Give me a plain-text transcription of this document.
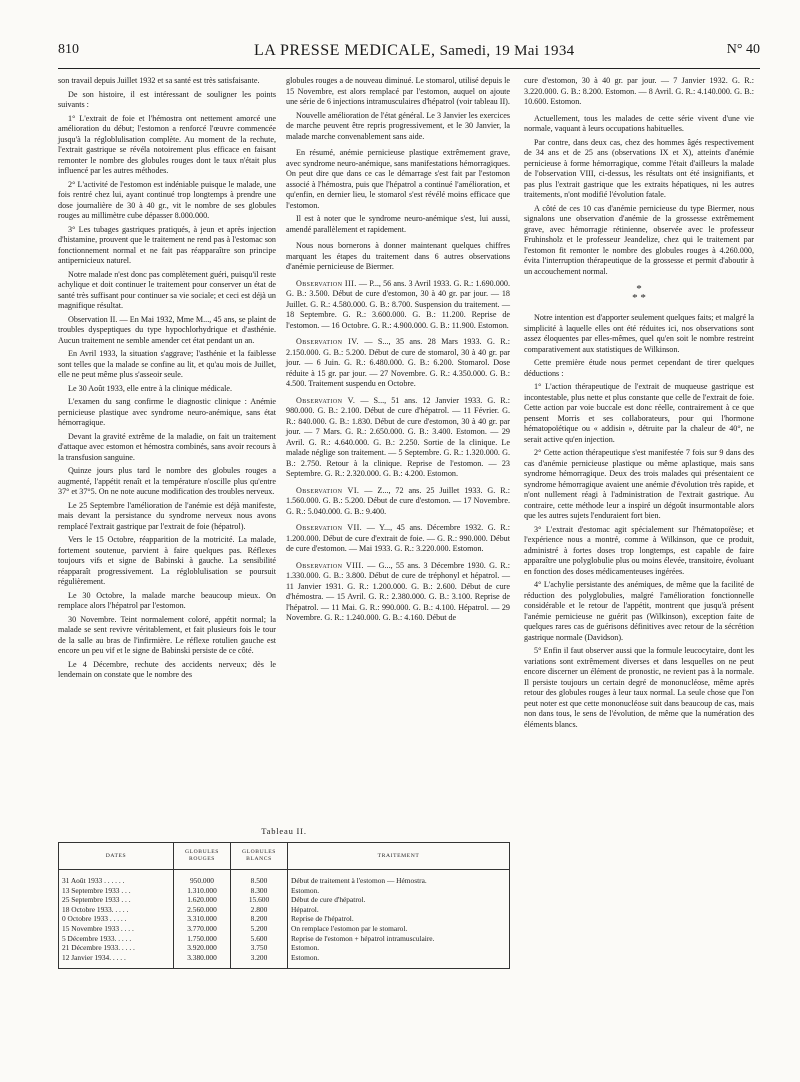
810	LA PRESSE MEDICALE, Samedi, 19 Mai 1934	N° 40

son travail depuis Juillet 1932 et sa santé est très satisfaisante.

De son histoire, il est intéressant de souligner les points suivants :

1° L'extrait de foie et l'hémostra ont nettement amorcé une amélioration du début; l'estomon a renforcé l'œuvre commencée jusqu'à la régloblulisation complète. Au moment de la rechute, l'extrait gastrique se révéla notoirement plus efficace en faisant remonter le nombre des globules rouges dont le taux n'était plus influencé par les autres méthodes.

2° L'activité de l'estomon est indéniable puisque le malade, une fois rentré chez lui, ayant continué trop longtemps à prendre une dose journalière de 30 à 40 gr., vit le nombre de ses globules rouges au millimètre cube dépasser 8.000.000.

3° Les tubages gastriques pratiqués, à jeun et après injection d'histamine, prouvent que le traitement ne rend pas à l'estomac son fonctionnement normal et ne fait pas réapparaître son principe antipernicieux naturel.

Notre malade n'est donc pas complètement guéri, puisqu'il reste achylique et doit continuer le traitement pour conserver un état de santé très suffisant pour continuer sa vie sociale; et ceci est déjà un magnifique résultat.

Observation II. — En Mai 1932, Mme M..., 45 ans, se plaint de troubles dyspeptiques du type hypochlorhydrique et d'asthénie. Aucun traitement ne semble amender cet état pendant un an.

En Avril 1933, la situation s'aggrave; l'asthénie et la faiblesse sont telles que la malade se confine au lit, et qu'au mois de Juillet, elle ne peut même plus s'asseoir seule.

Le 30 Août 1933, elle entre à la clinique médicale.

L'examen du sang confirme le diagnostic clinique : Anémie pernicieuse plastique avec syndrome neuro-anémique, sans état hémorragique.

Devant la gravité extrême de la maladie, on fait un traitement d'attaque avec estomon et hémostra combinés, sans avoir recours à la transfusion sanguine.

Quinze jours plus tard le nombre des globules rouges a augmenté, l'appétit renaît et la température n'oscille plus qu'entre 37° et 37°5. On ne note aucune modification des troubles nerveux.

Le 25 Septembre l'amélioration de l'anémie est déjà manifeste, mais devant la persistance du syndrome nerveux nous avons remplacé l'extrait gastrique par l'extrait de foie (hépatrol).

Vers le 15 Octobre, réapparition de la motricité. La malade, fortement soutenue, parvient à faire quelques pas. Réflexes toujours vifs et signe de Babinski à gauche. La sensibilité réapparaît progressivement. La régloblulisation se poursuit régulièrement.

Le 30 Octobre, la malade marche beaucoup mieux. On remplace alors l'hépatrol par l'estomon.

30 Novembre. Teint normalement coloré, appétit normal; la malade se sent revivre véritablement, et fait plusieurs fois le tour de la salle au bras de l'infirmière. Le réflexe rotulien gauche est encore un peu vif et le signe de Babinski persiste de ce côté.

Le 4 Décembre, rechute des accidents nerveux; dès le lendemain on constate que le nombre des

globules rouges a de nouveau diminué. Le stomarol, utilisé depuis le 15 Novembre, est alors remplacé par l'estomon, auquel on ajoute une série de 6 injections intramusculaires d'hépatrol (voir tableau II).

Nouvelle amélioration de l'état général. Le 3 Janvier les exercices de marche peuvent être repris progressivement, et le 30 Janvier, la malade marche convenablement sans aide.

En résumé, anémie pernicieuse plastique extrêmement grave, avec syndrome neuro-anémique, sans manifestations hémorragiques. On peut dire que dans ce cas le démarrage s'est fait par l'estomon associé à l'hémostra, puis que l'hépatrol a continué l'amélioration, et qu'enfin, en dernier lieu, le stomarol s'est révélé moins efficace que l'estomon.

Il est à noter que le syndrome neuro-anémique s'est, lui aussi, amendé parallèlement et rapidement.

Nous nous bornerons à donner maintenant quelques chiffres marquant les étapes du traitement dans 6 autres observations d'anémie pernicieuse de Biermer.

Observation III. — P..., 56 ans. 3 Avril 1933. G. R.: 1.690.000. G. B.: 3.500. Début de cure d'estomon, 30 à 40 gr. par jour. — 18 Juillet. G. R.: 4.580.000. G. B.: 8.700. Suspension du traitement. — 18 Septembre. G. R.: 3.600.000. G. B.: 11.200. Reprise de l'estomon. — 16 Octobre. G. R.: 4.900.000. G. B.: 11.900. Estomon.

Observation IV. — S..., 35 ans. 28 Mars 1933. G. R.: 2.150.000. G. B.: 5.200. Début de cure de stomarol, 30 à 40 gr. par jour. — 6 Juin. G. R.: 6.480.000. G. B.: 6.200. Stomarol. Dose réduite à 15 gr. par jour. — 27 Novembre. G. R.: 4.350.000. G. B.: 4.500. Traitement suspendu en Octobre.

Observation V. — S..., 51 ans. 12 Janvier 1933. G. R.: 980.000. G. B.: 2.100. Début de cure d'hépatrol. — 11 Février. G. R.: 840.000. G. B.: 1.830. Début de cure d'estomon, 30 à 40 gr. par jour. — 7 Mars. G. R.: 2.650.000. G. B.: 3.400. Estomon. — 29 Avril. G. R.: 4.640.000. G. B.: 2.250. Sortie de la clinique. Le malade néglige son traitement. — 5 Septembre. G. R.: 1.320.000. G. B.: 2.750. Retour à la clinique. Reprise de l'estomon. — 23 Septembre. G. R.: 2.320.000. G. B.: 4.200. Estomon.

Observation VI. — Z..., 72 ans. 25 Juillet 1933. G. R.: 1.560.000. G. B.: 5.200. Début de cure d'estomon. — 17 Novembre. G. R.: 5.040.000. G. B.: 9.400.

Observation VII. — Y..., 45 ans. Décembre 1932. G. R.: 1.200.000. Début de cure d'extrait de foie. — G. R.: 990.000. Début de cure d'estomon. — Mai 1933. G. R.: 3.220.000. Estomon.

Observation VIII. — G..., 55 ans. 3 Décembre 1930. G. R.: 1.330.000. G. B.: 3.800. Début de cure de tréphonyl et hépatrol. — 11 Janvier 1931. G. R.: 1.200.000. G. B.: 2.600. Début de cure d'hémostra. — 15 Avril. G. R.: 2.380.000. G. B.: 3.100. Reprise de l'hépatrol. — 11 Mai. G. R.: 990.000. G. B.: 4.100. Hépatrol. — 29 Novembre. G. R.: 1.240.000. G. B.: 4.160. Début de

cure d'estomon, 30 à 40 gr. par jour. — 7 Janvier 1932. G. R.: 3.220.000. G. B.: 8.200. Estomon. — 8 Avril. G. R.: 4.140.000. G. B.: 10.600. Estomon.

Actuellement, tous les malades de cette série vivent d'une vie normale, vaquant à leurs occupations habituelles.

Par contre, dans deux cas, chez des hommes âgés respectivement de 34 ans et de 25 ans (observations IX et X), atteints d'anémie pernicieuse à forme hémorragique, comme l'était d'ailleurs la malade de l'observation VIII, ci-dessus, les résultats ont été insignifiants, et pas plus l'extrait gastrique que les extraits hépatiques, ni les autres traitements, n'ont modifié l'évolution fatale.

A côté de ces 10 cas d'anémie pernicieuse du type Biermer, nous signalons une observation d'anémie de la grossesse extrêmement grave, avec hémorragie rétinienne, observée avec le professeur Fruhinsholz et le professeur Jeandelize, chez qui le traitement par l'estomon fit remonter le nombre des globules rouges à 4.260.000, évita l'interruption thérapeutique de la grossesse et permit d'aboutir à un accouchement normal.

*
* *

Notre intention est d'apporter seulement quelques faits; et malgré la simplicité à laquelle elles ont été réduites ici, nos observations sont assez éloquentes par elles-mêmes, quel qu'en soit le nombre restreint comparativement aux statistiques de Wilkinson.

Cette première étude nous permet cependant de tirer quelques déductions :

1° L'action thérapeutique de l'extrait de muqueuse gastrique est incontestable, plus nette et plus constante que celle de l'extrait de foie. Cette action par voie buccale est donc réelle, contrairement à ce que pensent Morris et ses collaborateurs, pour qui l'hormone hématopoïétique ou « addisin », détruite par la chaleur de 40°, ne serait active qu'en injection.

2° Cette action thérapeutique s'est manifestée 7 fois sur 9 dans des cas d'anémie pernicieuse plastique ou même aplastique, mais sans syndrome hémorragique. Deux des trois malades qui présentaient ce syndrome hémorragique avaient une anémie d'évolution très rapide, et n'ont nullement réagi à l'administration de l'extrait gastrique. Au contraire, cette méthode leur a inspiré un dégoût insurmontable alors que les autres sujets l'enduraient fort bien.

3° L'extrait d'estomac agit spécialement sur l'hématopoïèse; et l'expérience nous a montré, comme à Wilkinson, que ce produit, administré à fortes doses trop longtemps, est capable de faire apparaître une polyglobulie plus ou moins élevée, transitoire, évoluant en fonction des doses médicamenteuses ingérées.

4° L'achylie persistante des anémiques, de même que la facilité de réduction des polyglobulies, malgré l'amélioration fonctionnelle considérable et le retour de l'appétit, montrent que jusqu'à présent l'anémie pernicieuse ne guérit pas (Wilkinson), exception faite de quelques rares cas de guérisons définitives avec retour de la sécrétion gastrique normale (Davidson).

5° Enfin il faut observer aussi que la formule leucocytaire, dont les variations sont extrêmement diverses et dans lesquelles on ne peut encore discerner un élément de pronostic, ne revient pas à la normale. Il persiste toujours un certain degré de mononucléose, même après retour des globules rouges à leur taux normal. La seule chose que l'on peut noter est que cette mononucléose suit dans beaucoup de cas, mais non dans tous, le sens de l'évolution, de même que la numération des éléments blancs.

Tableau II.
DATES	GLOBULES ROUGES	GLOBULES BLANCS	TRAITEMENT

31 Août 1933 . . . . . .	950.000	8.500	Début de traitement à l'estomon — Hémostra.
13 Septembre 1933 . . .	1.310.000	8.300	Estomon.
25 Septembre 1933 . . .	1.620.000	15.600	Début de cure d'hépatrol.
18 Octobre 1933. . . . .	2.560.000	2.800	Hépatrol.
0 Octobre 1933 . . . . .	3.310.000	8.200	Reprise de l'hépatrol.
15 Novembre 1933 . . . .	3.770.000	5.200	On remplace l'estomon par le stomarol.
5 Décembre 1933. . . . .	1.750.000	5.600	Reprise de l'estomon + hépatrol intramusculaire.
21 Décembre 1933. . . . .	3.920.000	3.750	Estomon.
12 Janvier 1934. . . . .	3.380.000	3.200	Estomon.
